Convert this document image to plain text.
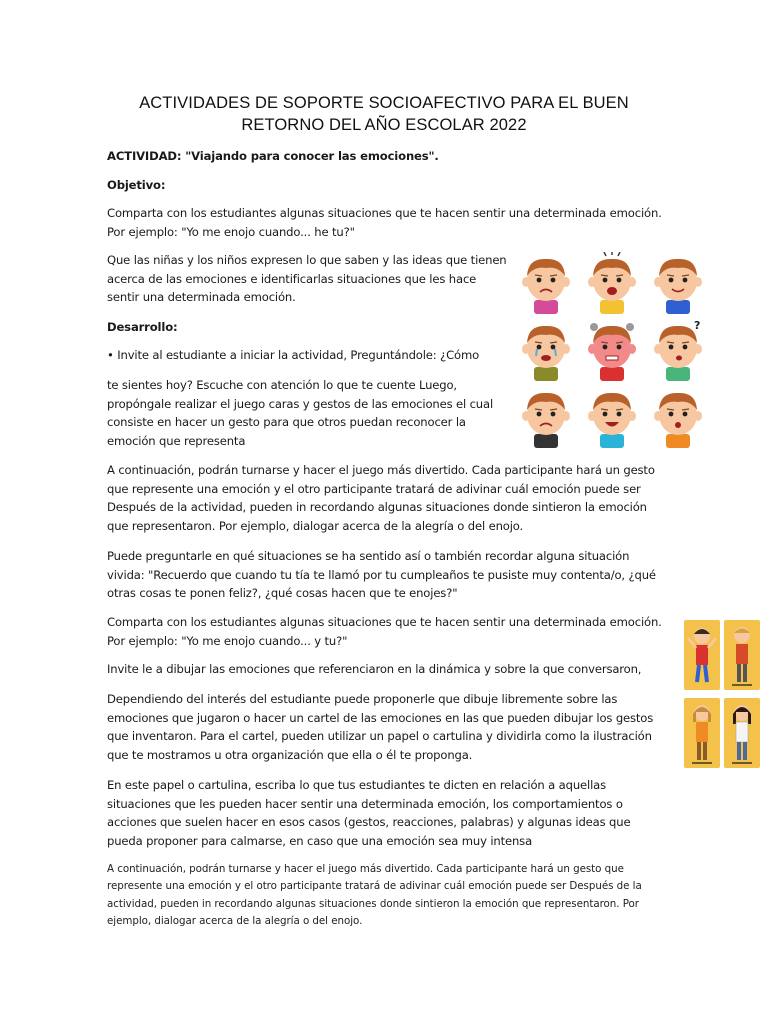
ACTIVIDADES DE SOPORTE SOCIOAFECTIVO PARA EL BUEN RETORNO DEL AÑO ESCOLAR 2022

ACTIVIDAD: "Viajando para conocer las emociones".

Objetivo:

Comparta con los estudiantes algunas situaciones que te hacen sentir una determinada emoción. Por ejemplo: "Yo me enojo cuando... he tu?"

Que las niñas y los niños expresen lo que saben y las ideas que tienen acerca de las emociones e identificarlas situaciones que les hace sentir una determinada emoción.

Desarrollo:

• Invite al estudiante a iniciar la actividad, Preguntándole: ¿Cómo

te sientes hoy? Escuche con atención lo que te cuente Luego, propóngale realizar el juego caras y gestos de las emociones el cual consiste en hacer un gesto para que otros puedan reconocer la emoción que representa

A continuación, podrán turnarse y hacer el juego más divertido. Cada participante hará un gesto que represente una emoción y el otro participante tratará de adivinar cuál emoción puede ser Después de la actividad, pueden in recordando algunas situaciones donde sintieron la emoción que representaron. Por ejemplo, dialogar acerca de la alegría o del enojo.

Puede preguntarle en qué situaciones se ha sentido así o también recordar alguna situación vivida: "Recuerdo que cuando tu tía te llamó por tu cumpleaños te pusiste muy contenta/o, ¿qué otras cosas te ponen feliz?, ¿qué cosas hacen que te enojes?"

Comparta con los estudiantes algunas situaciones que te hacen sentir una determinada emoción. Por ejemplo: "Yo me enojo cuando... y tu?"

Invite le a dibujar las emociones que referenciaron en la dinámica y sobre la que conversaron,

Dependiendo del interés del estudiante puede proponerle que dibuje libremente sobre las emociones que jugaron o hacer un cartel de las emociones en las que pueden dibujar los gestos que inventaron. Para el cartel, pueden utilizar un papel o cartulina y dividirla como la ilustración que te mostramos u otra organización que ella o él te proponga.

En este papel o cartulina, escriba lo que tus estudiantes te dicten en relación a aquellas situaciones que les pueden hacer sentir una determinada emoción, los comportamientos o acciones que suelen hacer en esos casos (gestos, reacciones, palabras) y algunas ideas que pueda proponer para calmarse, en caso que una emoción sea muy intensa

A continuación, podrán turnarse y hacer el juego más divertido. Cada participante hará un gesto que represente una emoción y el otro participante tratará de adivinar cuál emoción puede ser Después de la actividad, pueden in recordando algunas situaciones donde sintieron la emoción que representaron. Por ejemplo, dialogar acerca de la alegría o del enojo.

?
